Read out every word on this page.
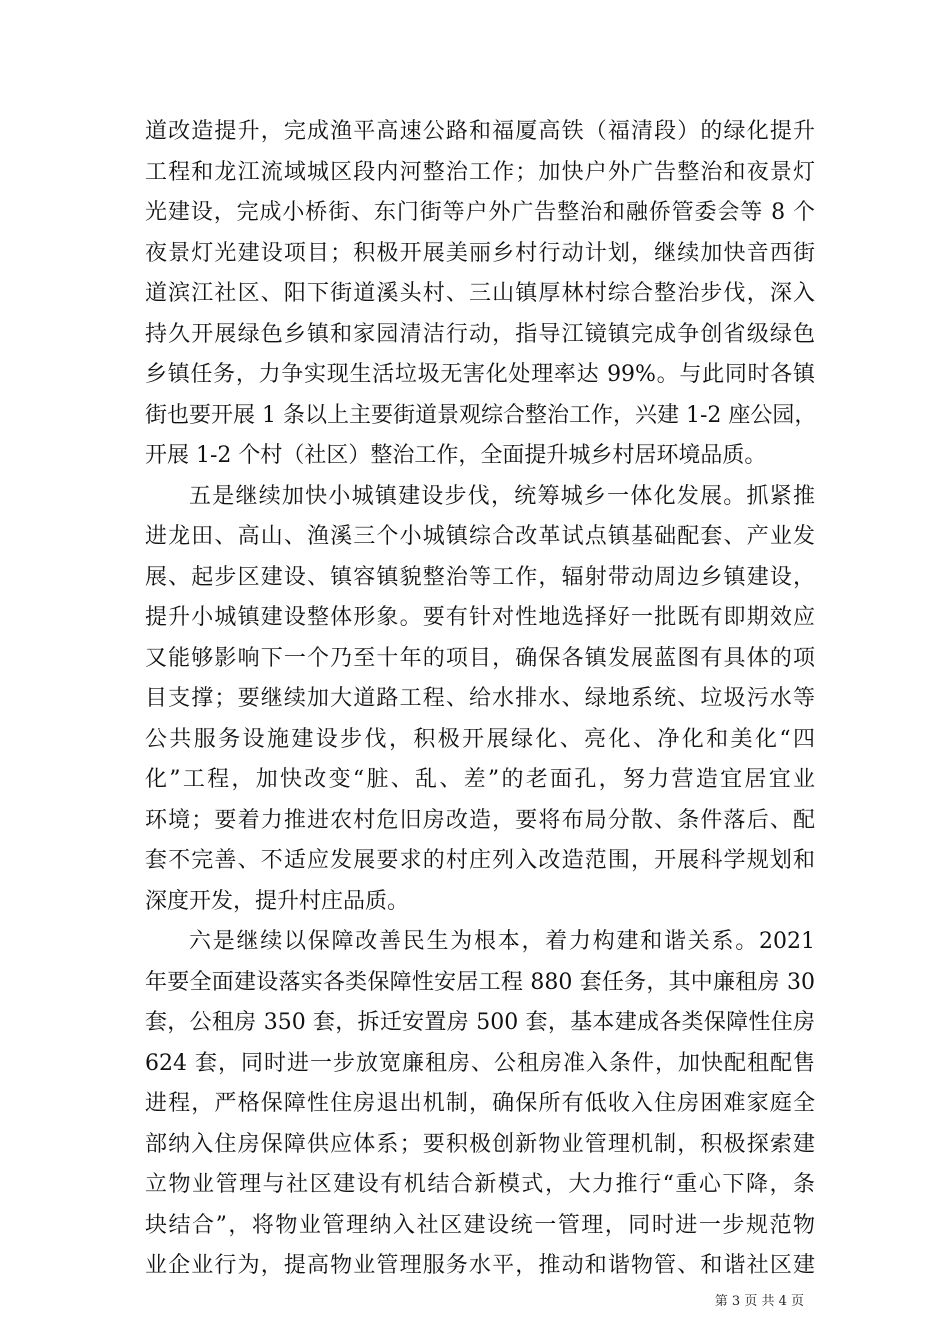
道改造提升，完成渔平高速公路和福厦高铁（福清段）的绿化提升
工程和龙江流域城区段内河整治工作；加快户外广告整治和夜景灯
光建设，完成小桥街、东门街等户外广告整治和融侨管委会等 8 个
夜景灯光建设项目；积极开展美丽乡村行动计划，继续加快音西街
道滨江社区、阳下街道溪头村、三山镇厚林村综合整治步伐，深入
持久开展绿色乡镇和家园清洁行动，指导江镜镇完成争创省级绿色
乡镇任务，力争实现生活垃圾无害化处理率达 99%。与此同时各镇
街也要开展 1 条以上主要街道景观综合整治工作，兴建 1-2 座公园，
开展 1-2 个村（社区）整治工作，全面提升城乡村居环境品质。
五是继续加快小城镇建设步伐，统筹城乡一体化发展。抓紧推
进龙田、高山、渔溪三个小城镇综合改革试点镇基础配套、产业发
展、起步区建设、镇容镇貌整治等工作，辐射带动周边乡镇建设，
提升小城镇建设整体形象。要有针对性地选择好一批既有即期效应
又能够影响下一个乃至十年的项目，确保各镇发展蓝图有具体的项
目支撑；要继续加大道路工程、给水排水、绿地系统、垃圾污水等
公共服务设施建设步伐，积极开展绿化、亮化、净化和美化“四
化”工程，加快改变“脏、乱、差”的老面孔，努力营造宜居宜业
环境；要着力推进农村危旧房改造，要将布局分散、条件落后、配
套不完善、不适应发展要求的村庄列入改造范围，开展科学规划和
深度开发，提升村庄品质。
六是继续以保障改善民生为根本，着力构建和谐关系。2021
年要全面建设落实各类保障性安居工程 880 套任务，其中廉租房 30
套，公租房 350 套，拆迁安置房 500 套，基本建成各类保障性住房
624 套，同时进一步放宽廉租房、公租房准入条件，加快配租配售
进程，严格保障性住房退出机制，确保所有低收入住房困难家庭全
部纳入住房保障供应体系；要积极创新物业管理机制，积极探索建
立物业管理与社区建设有机结合新模式，大力推行“重心下降，条
块结合”，将物业管理纳入社区建设统一管理，同时进一步规范物
业企业行为，提高物业管理服务水平，推动和谐物管、和谐社区建
第 3 页 共 4 页
